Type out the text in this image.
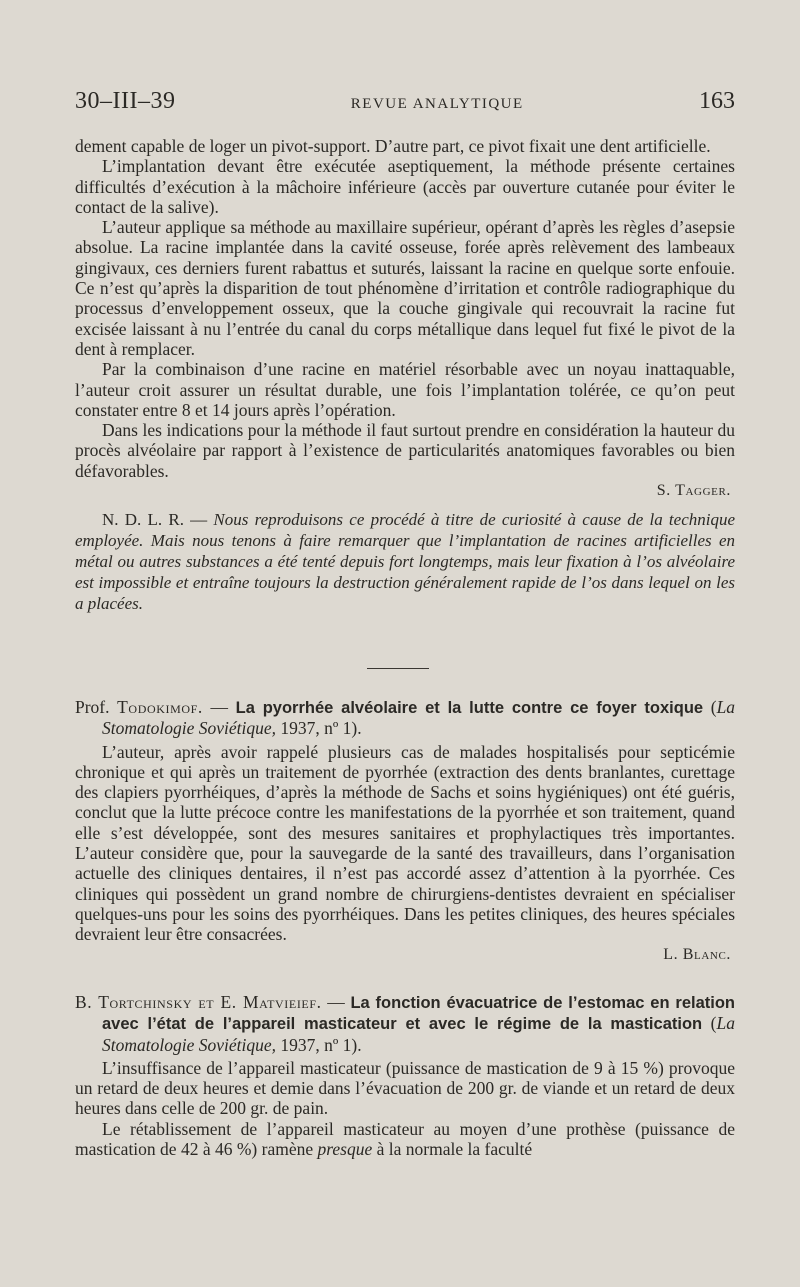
30–III–39	REVUE ANALYTIQUE	163

dement capable de loger un pivot-support. D’autre part, ce pivot fixait une dent artificielle.

L’implantation devant être exécutée aseptiquement, la méthode présente certaines difficultés d’exécution à la mâchoire inférieure (accès par ouverture cutanée pour éviter le contact de la salive).

L’auteur applique sa méthode au maxillaire supérieur, opérant d’après les règles d’asepsie absolue. La racine implantée dans la cavité osseuse, forée après relèvement des lambeaux gingivaux, ces derniers furent rabattus et suturés, laissant la racine en quelque sorte enfouie. Ce n’est qu’après la disparition de tout phénomène d’irritation et contrôle radiographique du processus d’enveloppement osseux, que la couche gingivale qui recouvrait la racine fut excisée laissant à nu l’entrée du canal du corps métallique dans lequel fut fixé le pivot de la dent à remplacer.

Par la combinaison d’une racine en matériel résorbable avec un noyau inattaquable, l’auteur croit assurer un résultat durable, une fois l’implantation tolérée, ce qu’on peut constater entre 8 et 14 jours après l’opération.

Dans les indications pour la méthode il faut surtout prendre en considération la hauteur du procès alvéolaire par rapport à l’existence de particularités anatomiques favorables ou bien défavorables.

S. Tagger.

N. D. L. R. — Nous reproduisons ce procédé à titre de curiosité à cause de la technique employée. Mais nous tenons à faire remarquer que l’implantation de racines artificielles en métal ou autres substances a été tenté depuis fort longtemps, mais leur fixation à l’os alvéolaire est impossible et entraîne toujours la destruction généralement rapide de l’os dans lequel on les a placées.

Prof. Todokimof. — La pyorrhée alvéolaire et la lutte contre ce foyer toxique (La Stomatologie Soviétique, 1937, nº 1).

L’auteur, après avoir rappelé plusieurs cas de malades hospitalisés pour septicémie chronique et qui après un traitement de pyorrhée (extraction des dents branlantes, curettage des clapiers pyorrhéiques, d’après la méthode de Sachs et soins hygiéniques) ont été guéris, conclut que la lutte précoce contre les manifestations de la pyorrhée et son traitement, quand elle s’est développée, sont des mesures sanitaires et prophylactiques très importantes. L’auteur considère que, pour la sauvegarde de la santé des travailleurs, dans l’organisation actuelle des cliniques dentaires, il n’est pas accordé assez d’attention à la pyorrhée. Ces cliniques qui possèdent un grand nombre de chirurgiens-dentistes devraient en spécialiser quelques-uns pour les soins des pyorrhéiques. Dans les petites cliniques, des heures spéciales devraient leur être consacrées.

L. Blanc.

B. Tortchinsky et E. Matvieief. — La fonction évacuatrice de l’estomac en relation avec l’état de l’appareil masticateur et avec le régime de la mastication (La Stomatologie Soviétique, 1937, nº 1).

L’insuffisance de l’appareil masticateur (puissance de mastication de 9 à 15 %) provoque un retard de deux heures et demie dans l’évacuation de 200 gr. de viande et un retard de deux heures dans celle de 200 gr. de pain.

Le rétablissement de l’appareil masticateur au moyen d’une prothèse (puissance de mastication de 42 à 46 %) ramène presque à la normale la faculté
